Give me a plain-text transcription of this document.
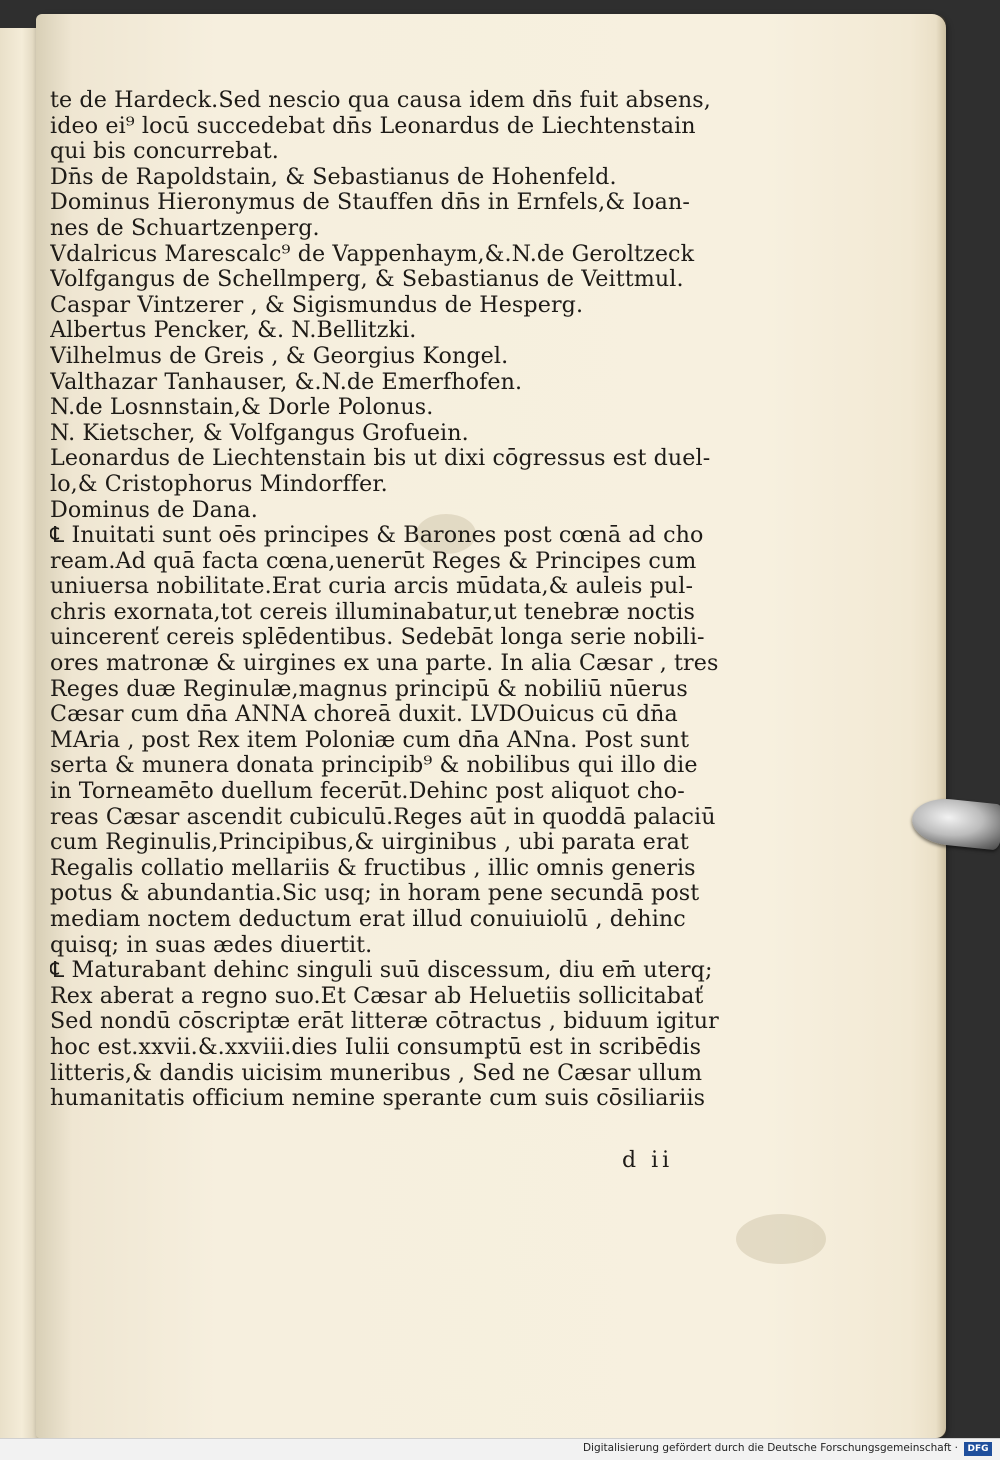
te de Hardeck.Sed nescio qua causa idem dn̄s fuit absens,
ideo ei⁹ locū succedebat dn̄s Leonardus de Liechtenstain
qui bis concurrebat.
Dn̄s de Rapoldstain, & Sebastianus de Hohenfeld.
Dominus Hieronymus de Stauffen dn̄s in Ernfels,& Ioan-
nes de Schuartzenperg.
Vdalricus Marescalc⁹ de Vappenhaym,&.N.de Geroltzeck
Volfgangus de Schellmperg, & Sebastianus de Veittmul.
Caspar Vintzerer , & Sigismundus de Hesperg.
Albertus Pencker, &. N.Bellitzki.
Vilhelmus de Greis , & Georgius Kongel.
Valthazar Tanhauser, &.N.de Emerfhofen.
N.de Losnnstain,& Dorle Polonus.
N. Kietscher, & Volfgangus Grofuein.
Leonardus de Liechtenstain bis ut dixi cōgressus est duel-
lo,& Cristophorus Mindorffer.
Dominus de Dana.
℄ Inuitati sunt oēs principes & Barones post cœnā ad cho
ream.Ad quā facta cœna,uenerūt Reges & Principes cum
uniuersa nobilitate.Erat curia arcis mūdata,& auleis pul-
chris exornata,tot cereis illuminabatur,ut tenebræ noctis
uincerenť cereis splēdentibus. Sedebāt longa serie nobili-
ores matronæ & uirgines ex una parte. In alia Cæsar , tres
Reges duæ Reginulæ,magnus principū & nobiliū nūerus
Cæsar cum dn̄a ANNA choreā duxit. LVDOuicus cū dn̄a
MAria , post Rex item Poloniæ cum dn̄a ANna. Post sunt
serta & munera donata principib⁹ & nobilibus qui illo die
in Torneamēto duellum fecerūt.Dehinc post aliquot cho-
reas Cæsar ascendit cubiculū.Reges aūt in quoddā palaciū
cum Reginulis,Principibus,& uirginibus , ubi parata erat
Regalis collatio mellariis & fructibus , illic omnis generis
potus & abundantia.Sic usq; in horam pene secundā post
mediam noctem deductum erat illud conuiuiolū , dehinc
quisq; in suas ædes diuertit.
℄ Maturabant dehinc singuli suū discessum, diu em̄ uterq;
Rex aberat a regno suo.Et Cæsar ab Heluetiis sollicitabať
Sed nondū cōscriptæ erāt litteræ cōtractus , biduum igitur
hoc est.xxvii.&.xxviii.dies Iulii consumptū est in scribēdis
litteris,& dandis uicisim muneribus , Sed ne Cæsar ullum
humanitatis officium nemine sperante cum suis cōsiliariis
d ii
Digitalisierung gefördert durch die Deutsche Forschungsgemeinschaft ·	DFG
